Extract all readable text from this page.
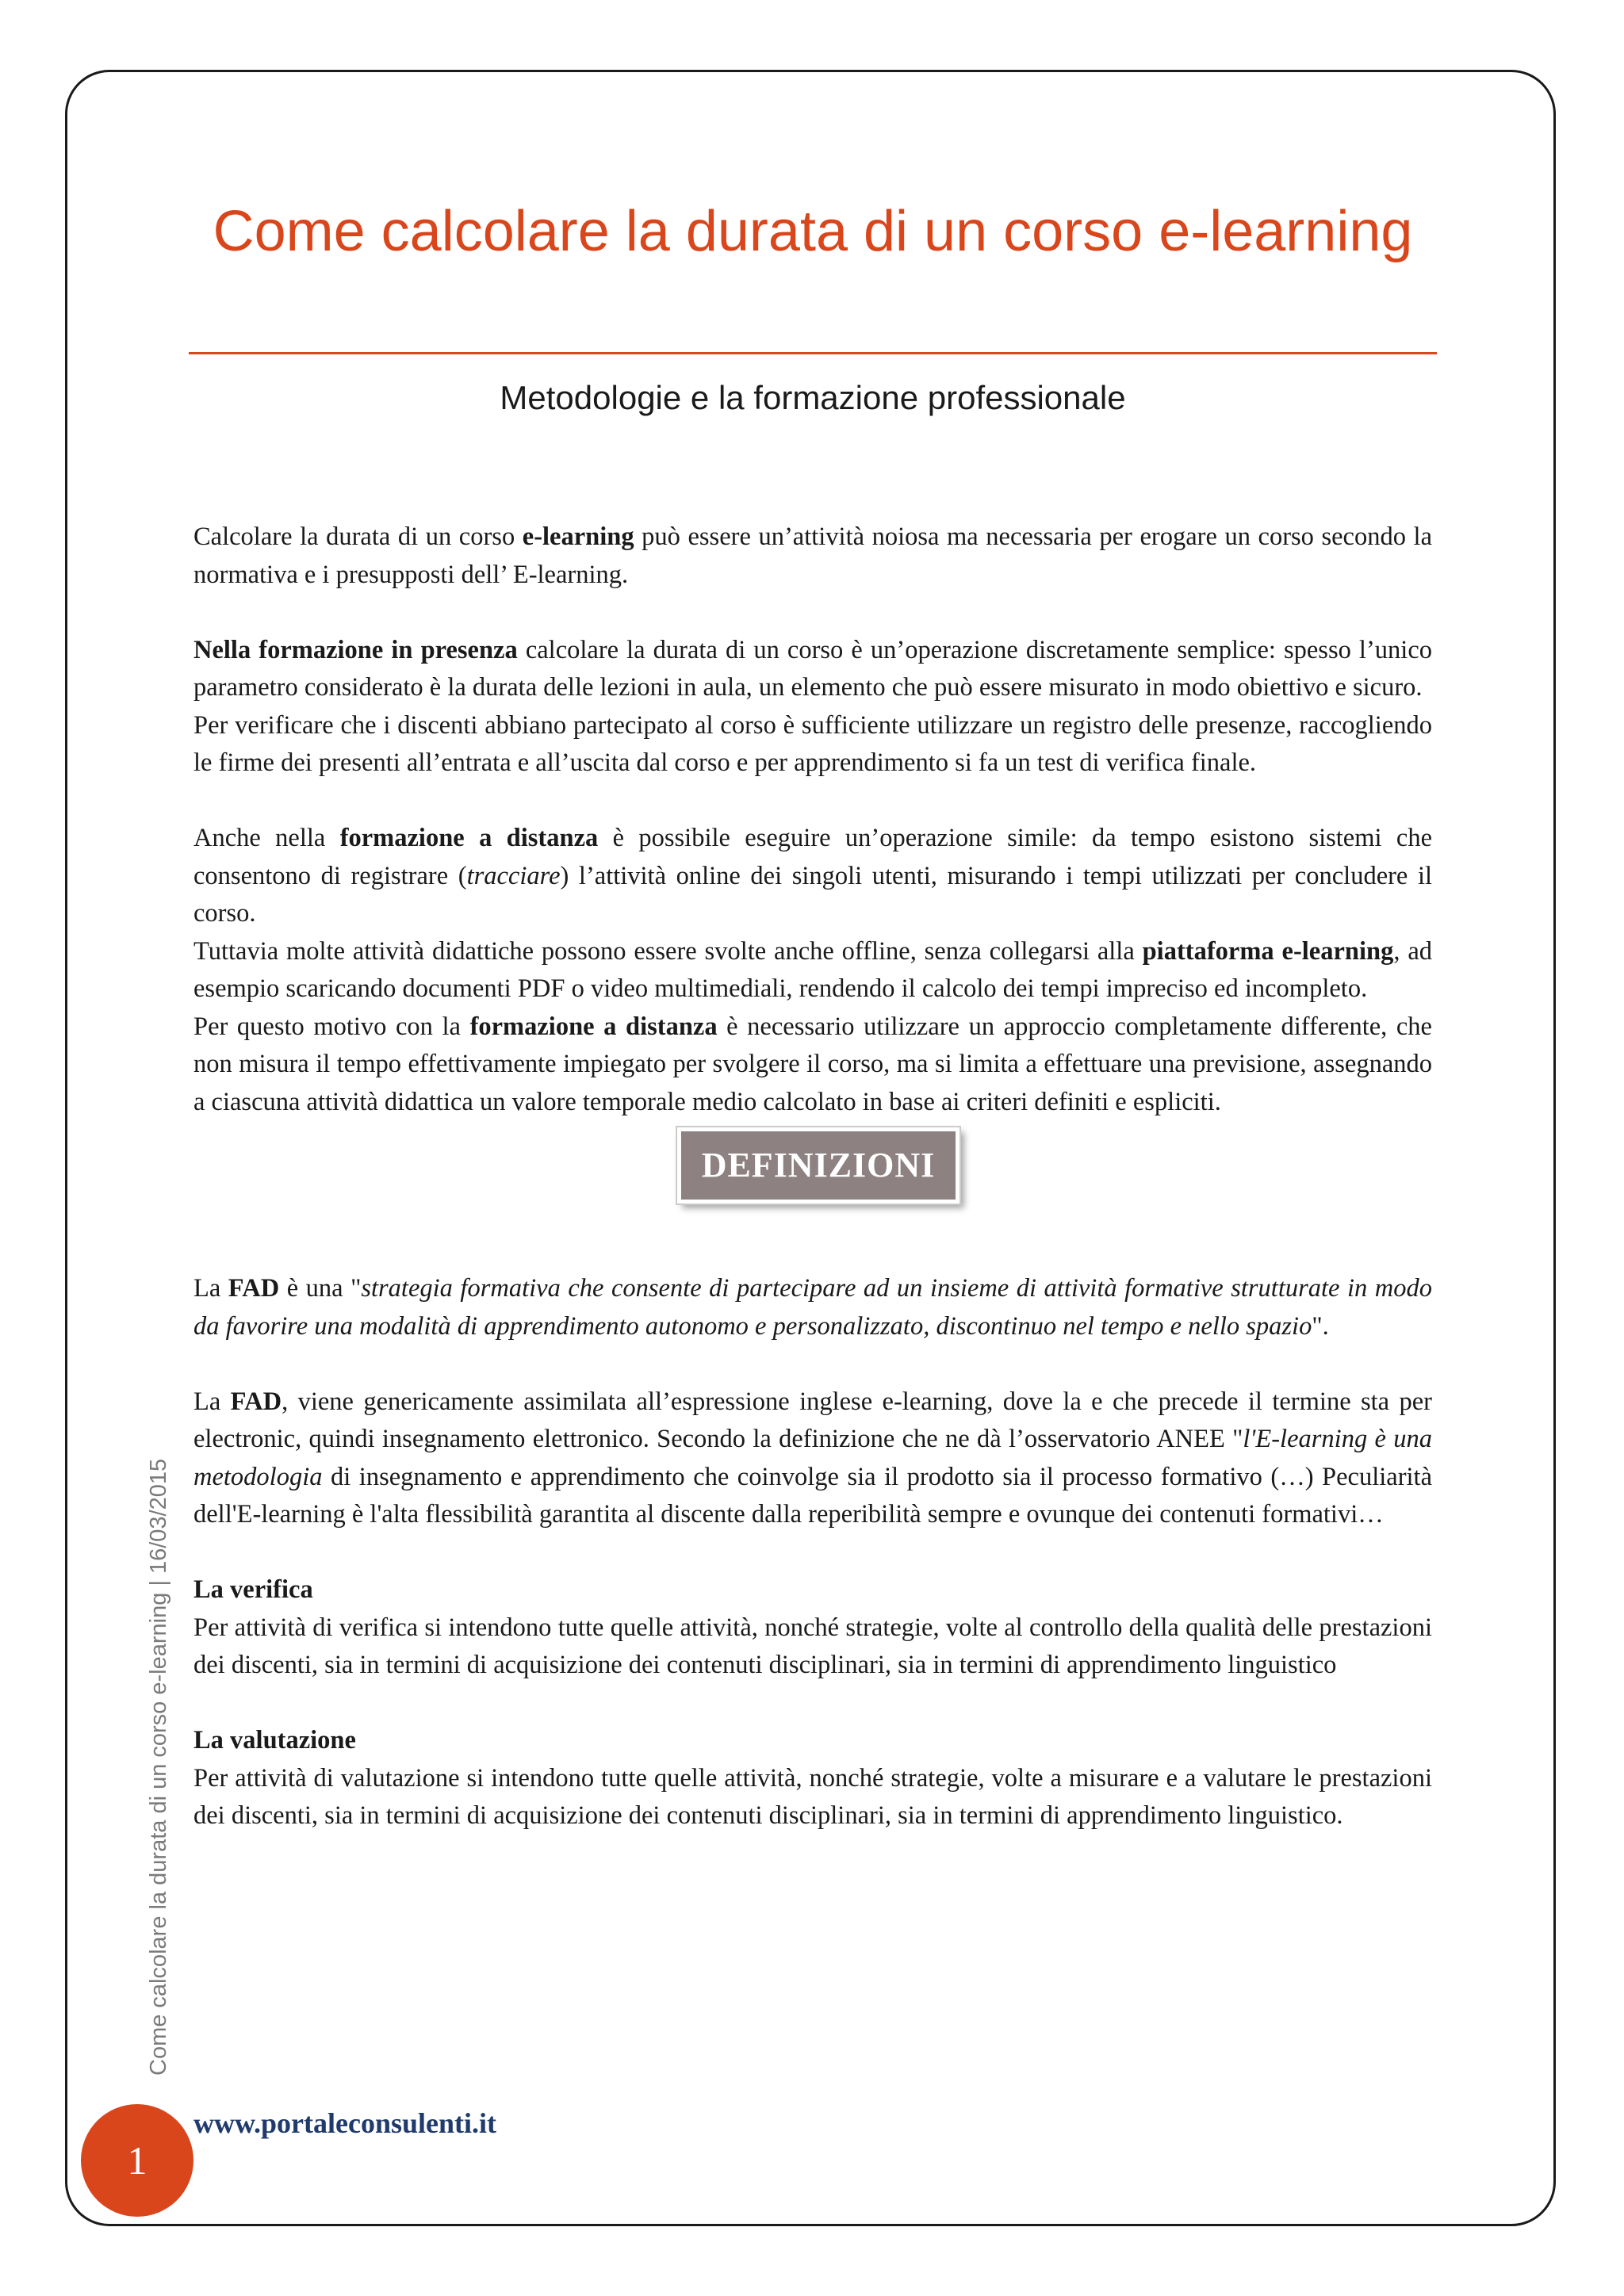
Come calcolare la durata di un corso e-learning
Metodologie e la formazione professionale

Calcolare la durata di un corso e-learning può essere un’attività noiosa ma necessaria per erogare un corso secondo la normativa e i presupposti dell’ E-learning.

Nella formazione in presenza calcolare la durata di un corso è un’operazione discretamente semplice: spesso l’unico parametro considerato è la durata delle lezioni in aula, un elemento che può essere misurato in modo obiettivo e sicuro.

Per verificare che i discenti abbiano partecipato al corso è sufficiente utilizzare un registro delle presenze, raccogliendo le firme dei presenti all’entrata e all’uscita dal corso e per apprendimento si fa un test di verifica finale.

Anche nella formazione a distanza è possibile eseguire un’operazione simile: da tempo esistono sistemi che consentono di registrare (tracciare) l’attività online dei singoli utenti, misurando i tempi utilizzati per concludere il corso.

Tuttavia molte attività didattiche possono essere svolte anche offline, senza collegarsi alla piattaforma e-learning, ad esempio scaricando documenti PDF o video multimediali, rendendo il calcolo dei tempi impreciso ed incompleto.

Per questo motivo con la formazione a distanza è necessario utilizzare un approccio completamente differente, che non misura il tempo effettivamente impiegato per svolgere il corso, ma si limita a effettuare una previsione, assegnando a ciascuna attività didattica un valore temporale medio calcolato in base ai criteri definiti e espliciti.

DEFINIZIONI

La FAD è una "strategia formativa che consente di partecipare ad un insieme di attività formative strutturate in modo da favorire una modalità di apprendimento autonomo e personalizzato, discontinuo nel tempo e nello spazio".

La FAD, viene genericamente assimilata all’espressione inglese e-learning, dove la e che precede il termine sta per electronic, quindi insegnamento elettronico. Secondo la definizione che ne dà l’osservatorio ANEE "l'E-learning è una metodologia di insegnamento e apprendimento che coinvolge sia il prodotto sia il processo formativo (…) Peculiarità dell'E-learning è l'alta flessibilità garantita al discente dalla reperibilità sempre e ovunque dei contenuti formativi…

La verifica

Per attività di verifica si intendono tutte quelle attività, nonché strategie, volte al controllo della qualità delle prestazioni dei discenti, sia in termini di acquisizione dei contenuti disciplinari, sia in termini di apprendimento linguistico

La valutazione

Per attività di valutazione si intendono tutte quelle attività, nonché strategie, volte a misurare e a valutare le prestazioni dei discenti, sia in termini di acquisizione dei contenuti disciplinari, sia in termini di apprendimento linguistico.

www.portaleconsulenti.it
Come calcolare la durata di un corso e-learning | 16/03/2015
1
